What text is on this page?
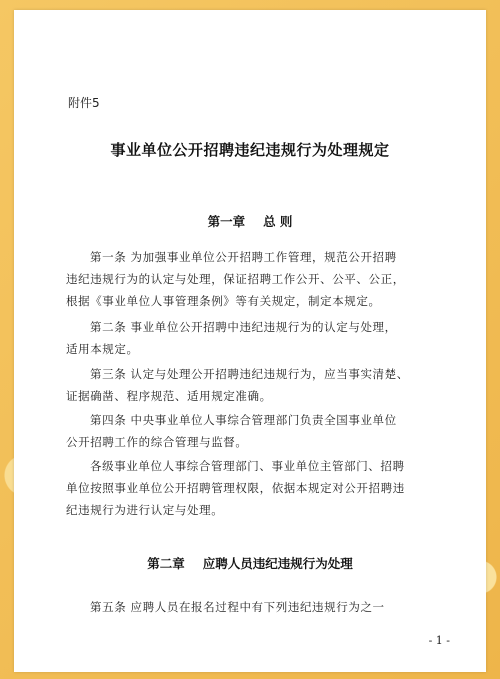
附件5
事业单位公开招聘违纪违规行为处理规定
第一章 总 则
第一条 为加强事业单位公开招聘工作管理，规范公开招聘
违纪违规行为的认定与处理，保证招聘工作公开、公平、公正，
根据《事业单位人事管理条例》等有关规定，制定本规定。
第二条 事业单位公开招聘中违纪违规行为的认定与处理，
适用本规定。
第三条 认定与处理公开招聘违纪违规行为，应当事实清楚、
证据确凿、程序规范、适用规定准确。
第四条 中央事业单位人事综合管理部门负责全国事业单位
公开招聘工作的综合管理与监督。
各级事业单位人事综合管理部门、事业单位主管部门、招聘
单位按照事业单位公开招聘管理权限，依据本规定对公开招聘违
纪违规行为进行认定与处理。
第二章 应聘人员违纪违规行为处理
第五条 应聘人员在报名过程中有下列违纪违规行为之一
- 1 -
